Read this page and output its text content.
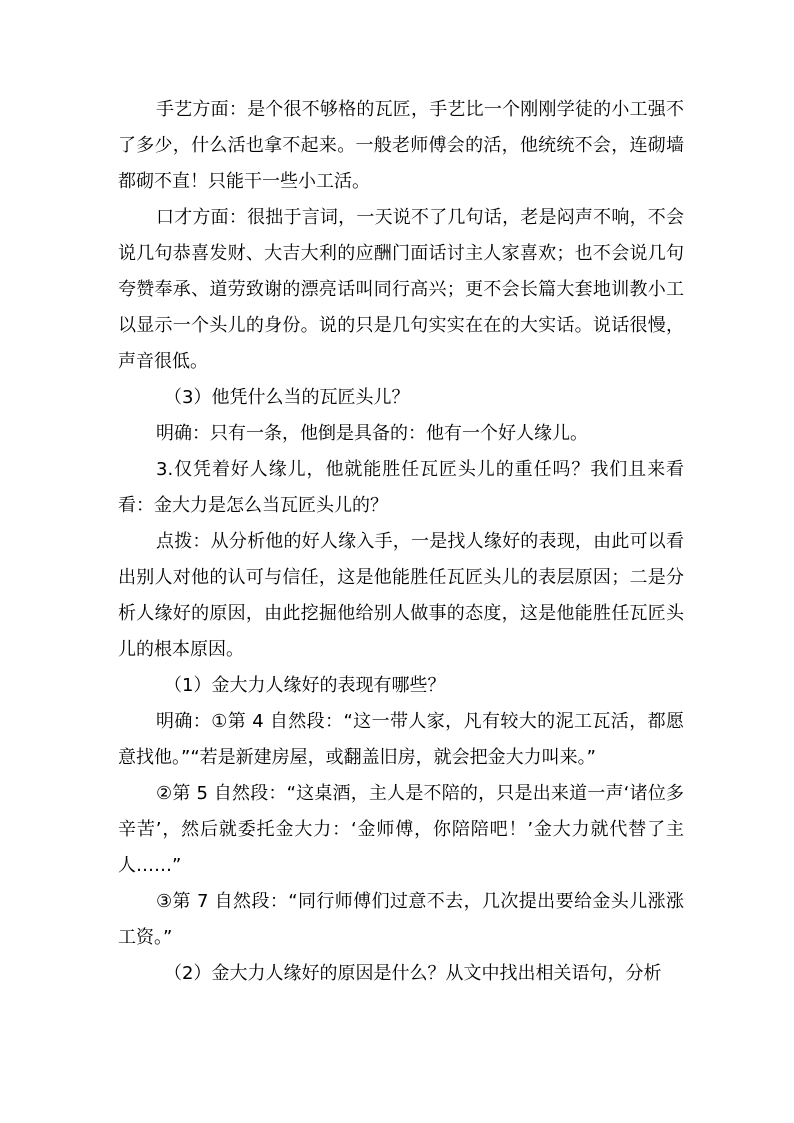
手艺方面：是个很不够格的瓦匠，手艺比一个刚刚学徒的小工强不了多少，什么活也拿不起来。一般老师傅会的活，他统统不会，连砌墙都砌不直！只能干一些小工活。

口才方面：很拙于言词，一天说不了几句话，老是闷声不响，不会说几句恭喜发财、大吉大利的应酬门面话讨主人家喜欢；也不会说几句夸赞奉承、道劳致谢的漂亮话叫同行高兴；更不会长篇大套地训教小工以显示一个头儿的身份。说的只是几句实实在在的大实话。说话很慢，声音很低。

（3）他凭什么当的瓦匠头儿？

明确：只有一条，他倒是具备的：他有一个好人缘儿。

3.仅凭着好人缘儿，他就能胜任瓦匠头儿的重任吗？我们且来看看：金大力是怎么当瓦匠头儿的？

点拨：从分析他的好人缘入手，一是找人缘好的表现，由此可以看出别人对他的认可与信任，这是他能胜任瓦匠头儿的表层原因；二是分析人缘好的原因，由此挖掘他给别人做事的态度，这是他能胜任瓦匠头儿的根本原因。

（1）金大力人缘好的表现有哪些？

明确：①第 4 自然段：“这一带人家，凡有较大的泥工瓦活，都愿意找他。”“若是新建房屋，或翻盖旧房，就会把金大力叫来。”

②第 5 自然段：“这桌酒，主人是不陪的，只是出来道一声‘诸位多辛苦’，然后就委托金大力：‘金师傅，你陪陪吧！’金大力就代替了主人……”

③第 7 自然段：“同行师傅们过意不去，几次提出要给金头儿涨涨工资。”

（2）金大力人缘好的原因是什么？从文中找出相关语句，分析
